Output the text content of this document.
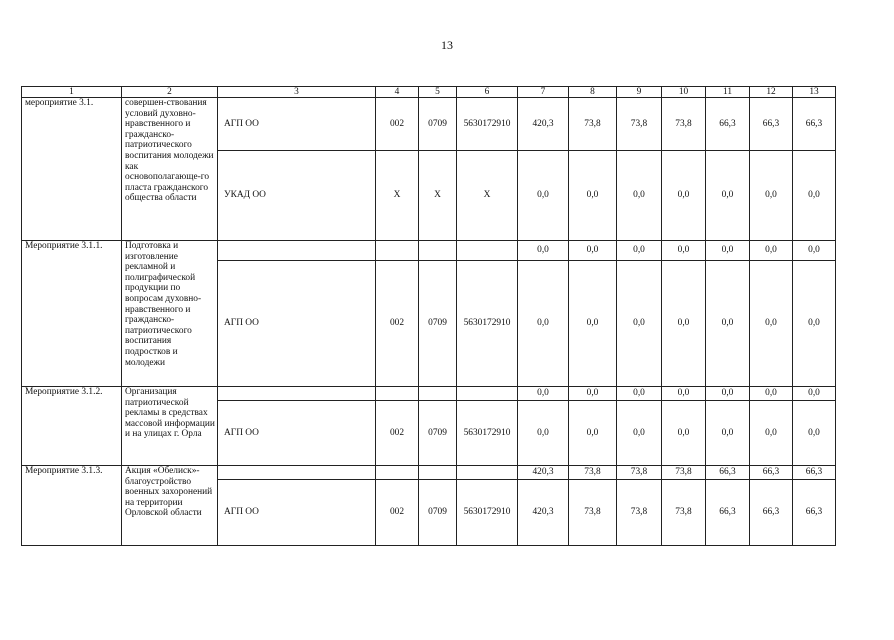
13
1	2	3	4	5	6	7	8	9	10	11	12	13
мероприятие 3.1.	совершен-ствования условий духовно-нравственного и гражданско-патриотического воспитания молодежи как основополагающе-го пласта гражданского общества области	АГП ОО	002	0709	5630172910	420,3	73,8	73,8	73,8	66,3	66,3	66,3
		УКАД ОО	Х	Х	Х	0,0	0,0	0,0	0,0	0,0	0,0	0,0
Мероприятие 3.1.1.	Подготовка и изготовление рекламной и полиграфической продукции по вопросам духовно-нравственного и гражданско-патриотического воспитания подростков и молодежи					0,0	0,0	0,0	0,0	0,0	0,0	0,0
		АГП ОО	002	0709	5630172910	0,0	0,0	0,0	0,0	0,0	0,0	0,0
Мероприятие 3.1.2.	Организация патриотической рекламы в средствах массовой информации и на улицах г. Орла					0,0	0,0	0,0	0,0	0,0	0,0	0,0
		АГП ОО	002	0709	5630172910	0,0	0,0	0,0	0,0	0,0	0,0	0,0
Мероприятие 3.1.3.	Акция «Обелиск»-благоустройство военных захоронений на территории Орловской области					420,3	73,8	73,8	73,8	66,3	66,3	66,3
		АГП ОО	002	0709	5630172910	420,3	73,8	73,8	73,8	66,3	66,3	66,3
